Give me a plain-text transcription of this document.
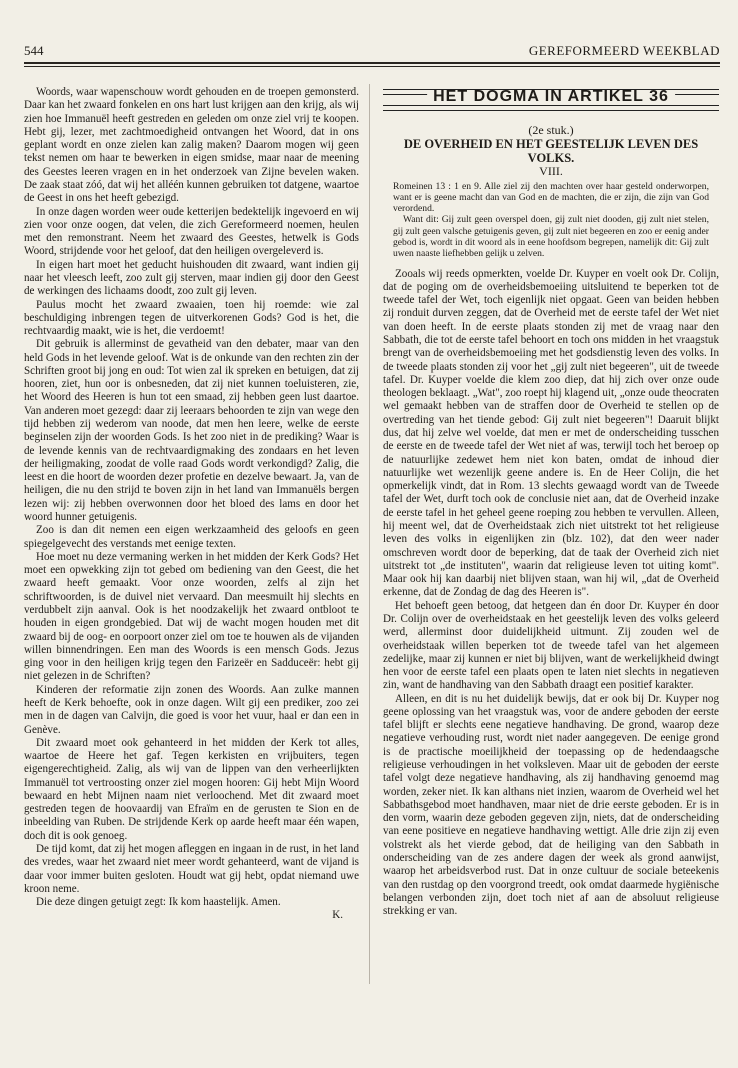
544	GEREFORMEERD WEEKBLAD

Woords, waar wapenschouw wordt gehouden en de troepen gemonsterd. Daar kan het zwaard fonkelen en ons hart lust krijgen aan den krijg, als wij zien hoe Immanuël heeft gestreden en geleden om onze ziel vrij te koopen. Hebt gij, lezer, met zachtmoedigheid ontvangen het Woord, dat in ons geplant wordt en onze zielen kan zalig maken? Daarom mogen wij geen tekst nemen om haar te bewerken in eigen smidse, maar naar de meening des Geestes leeren vragen en in het onderzoek van Zijne bevelen waken. De zaak staat zóó, dat wij het alléén kunnen gebruiken tot datgene, waartoe de Geest in ons het heeft gebezigd.

In onze dagen worden weer oude ketterijen bedektelijk ingevoerd en wij zien voor onze oogen, dat velen, die zich Gereformeerd noemen, heulen met den remonstrant. Neem het zwaard des Geestes, hetwelk is Gods Woord, strijdende voor het geloof, dat den heiligen overgeleverd is.

In eigen hart moet het geducht huishouden dit zwaard, want indien gij naar het vleesch leeft, zoo zult gij sterven, maar indien gij door den Geest de werkingen des lichaams doodt, zoo zult gij leven.

Paulus mocht het zwaard zwaaien, toen hij roemde: wie zal beschuldiging inbrengen tegen de uitverkorenen Gods? God is het, die rechtvaardig maakt, wie is het, die verdoemt!

Dit gebruik is allerminst de gevatheid van den debater, maar van den held Gods in het levende geloof. Wat is de onkunde van den rechten zin der Schriften groot bij jong en oud: Tot wien zal ik spreken en betuigen, dat zij hooren, ziet, hun oor is onbesneden, dat zij niet kunnen toeluisteren, zie, het Woord des Heeren is hun tot een smaad, zij hebben geen lust daartoe. Van anderen moet gezegd: daar zij leeraars behoorden te zijn van wege den tijd hebben zij wederom van noode, dat men hen leere, welke de eerste beginselen zijn der woorden Gods. Is het zoo niet in de prediking? Waar is de levende kennis van de rechtvaardigmaking des zondaars en het leven der heiligmaking, zoodat de volle raad Gods wordt verkondigd? Zalig, die leest en die hoort de woorden dezer profetie en dezelve bewaart. Ja, van de heiligen, die nu den strijd te boven zijn in het land van Immanuëls bergen lezen wij: zij hebben overwonnen door het bloed des lams en door het woord hunner getuigenis.

Zoo is dan dit nemen een eigen werkzaamheid des geloofs en geen spiegelgevecht des verstands met eenige texten.

Hoe moet nu deze vermaning werken in het midden der Kerk Gods? Het moet een opwekking zijn tot gebed om bediening van den Geest, die het zwaard heeft gemaakt. Voor onze woorden, zelfs al zijn het schriftwoorden, is de duivel niet vervaard. Dan meesmuilt hij slechts en verdubbelt zijn aanval. Ook is het noodzakelijk het zwaard ontbloot te houden in eigen grondgebied. Dat wij de wacht mogen houden met dit zwaard bij de oog- en oorpoort onzer ziel om toe te houwen als de vijanden willen binnendringen. Een man des Woords is een mensch Gods. Jezus ging voor in den heiligen krijg tegen den Farizeër en Sadduceër: hebt gij niet gelezen in de Schriften?

Kinderen der reformatie zijn zonen des Woords. Aan zulke mannen heeft de Kerk behoefte, ook in onze dagen. Wilt gij een prediker, zoo zei men in de dagen van Calvijn, die goed is voor het vuur, haal er dan een in Genève.

Dit zwaard moet ook gehanteerd in het midden der Kerk tot alles, waartoe de Heere het gaf. Tegen kerkisten en vrijbuiters, tegen eigengerechtigheid. Zalig, als wij van de lippen van den verheerlijkten Immanuël tot vertroosting onzer ziel mogen hooren: Gij hebt Mijn Woord bewaard en hebt Mijnen naam niet verloochend. Met dit zwaard moet gestreden tegen de hoovaardij van Efraïm en de gerusten te Sion en de inbeelding van Ruben. De strijdende Kerk op aarde heeft maar één wapen, doch dit is ook genoeg.

De tijd komt, dat zij het mogen afleggen en ingaan in de rust, in het land des vredes, waar het zwaard niet meer wordt gehanteerd, want de vijand is daar voor immer buiten gesloten. Houdt wat gij hebt, opdat niemand uwe kroon neme.

Die deze dingen getuigt zegt: Ik kom haastelijk. Amen.

K.

HET DOGMA IN ARTIKEL 36

(2e stuk.)

DE OVERHEID EN HET GEESTELIJK LEVEN DES VOLKS.

VIII.

Romeinen 13 : 1 en 9. Alle ziel zij den machten over haar gesteld onderworpen, want er is geene macht dan van God en de machten, die er zijn, die zijn van God verordend.

Want dit: Gij zult geen overspel doen, gij zult niet dooden, gij zult niet stelen, gij zult geen valsche getuigenis geven, gij zult niet begeeren en zoo er eenig ander gebod is, wordt in dit woord als in eene hoofdsom begrepen, namelijk dit: Gij zult uwen naaste liefhebben gelijk u zelven.

Zooals wij reeds opmerkten, voelde Dr. Kuyper en voelt ook Dr. Colijn, dat de poging om de overheidsbemoeiing uitsluitend te beperken tot de tweede tafel der Wet, toch eigenlijk niet opgaat. Geen van beiden hebben zij ronduit durven zeggen, dat de Overheid met de eerste tafel der Wet niet van doen heeft. In de eerste plaats stonden zij met de vraag naar den Sabbath, die tot de eerste tafel behoort en toch ons midden in het vraagstuk brengt van de overheidsbemoeiing met het godsdienstig leven des volks. In de tweede plaats stonden zij voor het „gij zult niet begeeren", uit de tweede tafel. Dr. Kuyper voelde die klem zoo diep, dat hij zich over onze oude theologen beklaagt. „Wat", zoo roept hij klagend uit, „onze oude theocraten wel gemaakt hebben van de straffen door de Overheid te stellen op de overtreding van het tiende gebod: Gij zult niet begeeren"! Daaruit blijkt dus, dat hij zelve wel voelde, dat men er met de onderscheiding tusschen de eerste en de tweede tafel der Wet niet af was, terwijl toch het beroep op de natuurlijke zedewet hem niet kon baten, omdat de inhoud dier natuurlijke wet wezenlijk geene andere is. En de Heer Colijn, die het opmerkelijk vindt, dat in Rom. 13 slechts gewaagd wordt van de Tweede tafel der Wet, durft toch ook de conclusie niet aan, dat de Overheid inzake de eerste tafel in het geheel geene roeping zou hebben te vervullen. Alleen, hij meent wel, dat de Overheidstaak zich niet uitstrekt tot het religieuse leven des volks in eigenlijken zin (blz. 102), dat den weer nader omschreven wordt door de beperking, dat de taak der Overheid zich niet uitstrekt tot „de instituten", waarin dat religieuse leven tot uiting komt". Maar ook hij kan daarbij niet blijven staan, wan hij wil, „dat de Overheid erkenne, dat de Zondag de dag des Heeren is".

Het behoeft geen betoog, dat hetgeen dan én door Dr. Kuyper én door Dr. Colijn over de overheidstaak en het geestelijk leven des volks geleerd werd, allerminst door duidelijkheid uitmunt. Zij zouden wel de overheidstaak willen beperken tot de tweede tafel van het algemeen zedelijke, maar zij kunnen er niet bij blijven, want de werkelijkheid dwingt hen voor de eerste tafel een plaats open te laten niet slechts in negatieven zin, want de handhaving van den Sabbath draagt een positief karakter.

Alleen, en dit is nu het duidelijk bewijs, dat er ook bij Dr. Kuyper nog geene oplossing van het vraagstuk was, voor de andere geboden der eerste tafel blijft er slechts eene negatieve handhaving. De grond, waarop deze negatieve verhouding rust, wordt niet nader aangegeven. De eenige grond is de practische moeilijkheid der toepassing op de hedendaagsche religieuse verhoudingen in het volksleven. Maar uit de geboden der eerste tafel volgt deze negatieve handhaving, als zij handhaving genoemd mag worden, zeker niet. Ik kan althans niet inzien, waarom de Overheid wel het Sabbathsgebod moet handhaven, maar niet de drie eerste geboden. Er is in den vorm, waarin deze geboden gegeven zijn, niets, dat de onderscheiding van eene positieve en negatieve handhaving wettigt. Alle drie zijn zij even volstrekt als het vierde gebod, dat de heiliging van den Sabbath in onderscheiding van de zes andere dagen der week als grond aanwijst, waarop het arbeidsverbod rust. Dat in onze cultuur de sociale beteekenis van den rustdag op den voorgrond treedt, ook omdat daarmede hygiënische belangen verbonden zijn, doet toch niet af aan de absoluut religieuse strekking er van.
